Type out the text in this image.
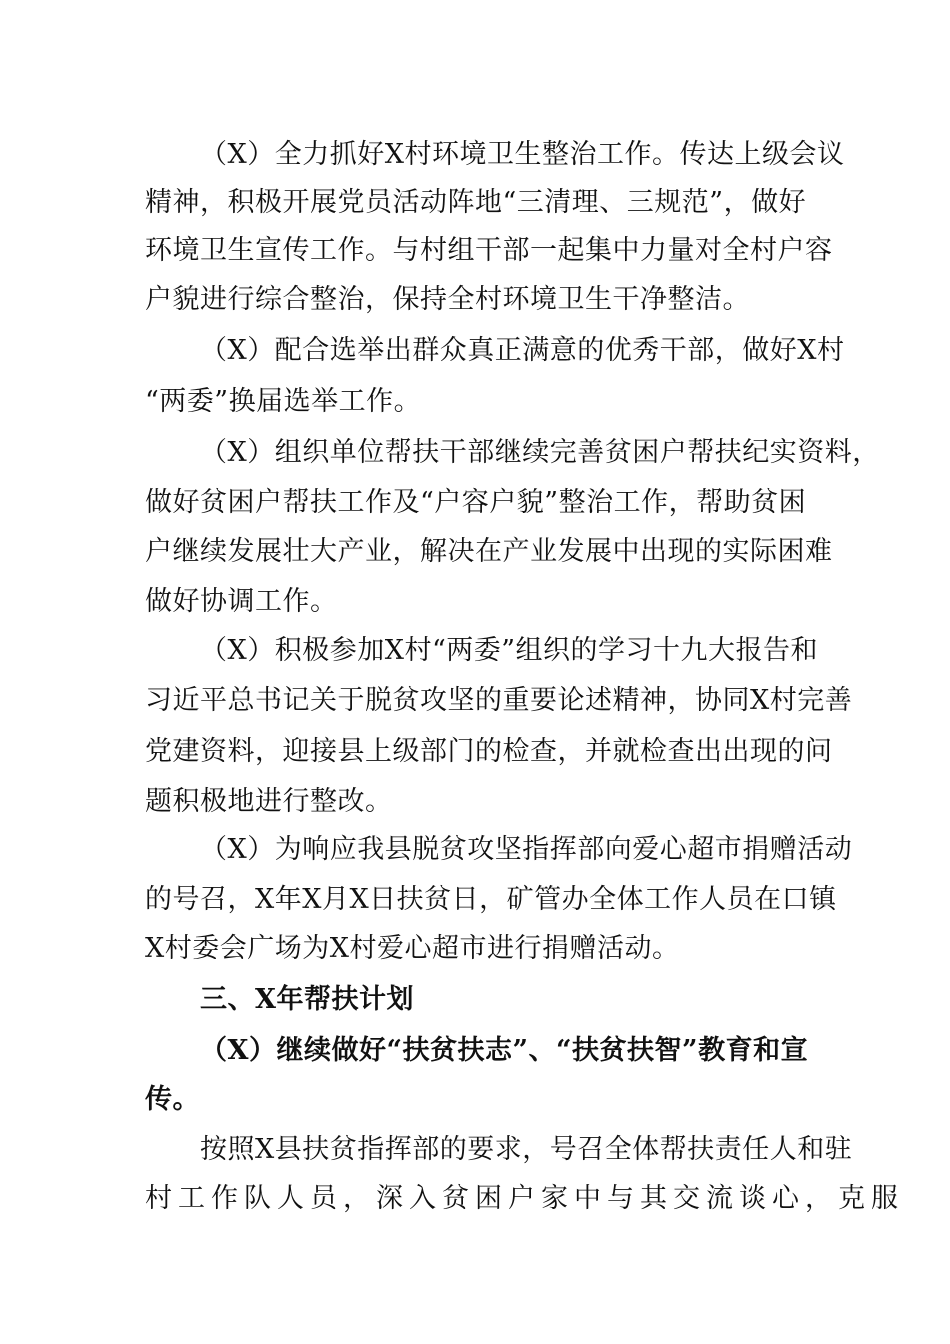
（X）全力抓好X村环境卫生整治工作。传达上级会议
精神，积极开展党员活动阵地“三清理、三规范”，做好
环境卫生宣传工作。与村组干部一起集中力量对全村户容
户貌进行综合整治，保持全村环境卫生干净整洁。
（X）配合选举出群众真正满意的优秀干部，做好X村
“两委”换届选举工作。
（X）组织单位帮扶干部继续完善贫困户帮扶纪实资料，
做好贫困户帮扶工作及“户容户貌”整治工作，帮助贫困
户继续发展壮大产业，解决在产业发展中出现的实际困难
做好协调工作。
（X）积极参加X村“两委”组织的学习十九大报告和
习近平总书记关于脱贫攻坚的重要论述精神，协同X村完善
党建资料，迎接县上级部门的检查，并就检查出出现的问
题积极地进行整改。
（X）为响应我县脱贫攻坚指挥部向爱心超市捐赠活动
的号召，X年X月X日扶贫日，矿管办全体工作人员在口镇
X村委会广场为X村爱心超市进行捐赠活动。
三、X年帮扶计划
（X）继续做好“扶贫扶志”、“扶贫扶智”教育和宣
传。
按照X县扶贫指挥部的要求，号召全体帮扶责任人和驻
村工作队人员，深入贫困户家中与其交流谈心，克服
